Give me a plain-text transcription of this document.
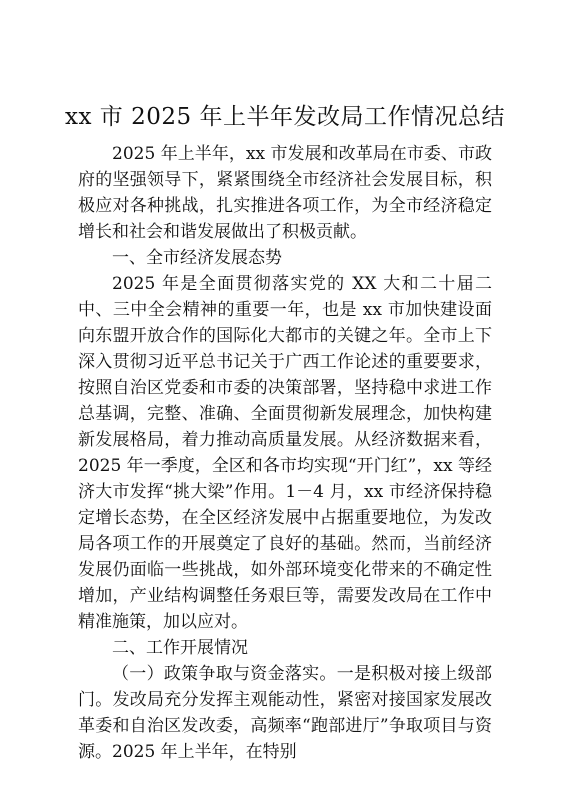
xx 市 2025 年上半年发改局工作情况总结

2025 年上半年，xx 市发展和改革局在市委、市政府的坚强领导下，紧紧围绕全市经济社会发展目标，积极应对各种挑战，扎实推进各项工作，为全市经济稳定增长和社会和谐发展做出了积极贡献。

一、全市经济发展态势

2025 年是全面贯彻落实党的 XX 大和二十届二中、三中全会精神的重要一年，也是 xx 市加快建设面向东盟开放合作的国际化大都市的关键之年。全市上下深入贯彻习近平总书记关于广西工作论述的重要要求，按照自治区党委和市委的决策部署，坚持稳中求进工作总基调，完整、准确、全面贯彻新发展理念，加快构建新发展格局，着力推动高质量发展。从经济数据来看，2025 年一季度，全区和各市均实现“开门红”，xx 等经济大市发挥“挑大梁”作用。1－4 月，xx 市经济保持稳定增长态势，在全区经济发展中占据重要地位，为发改局各项工作的开展奠定了良好的基础。然而，当前经济发展仍面临一些挑战，如外部环境变化带来的不确定性增加，产业结构调整任务艰巨等，需要发改局在工作中精准施策，加以应对。

二、工作开展情况

（一）政策争取与资金落实。一是积极对接上级部门。发改局充分发挥主观能动性，紧密对接国家发展改革委和自治区发改委，高频率“跑部进厅”争取项目与资源。2025 年上半年，在特别
